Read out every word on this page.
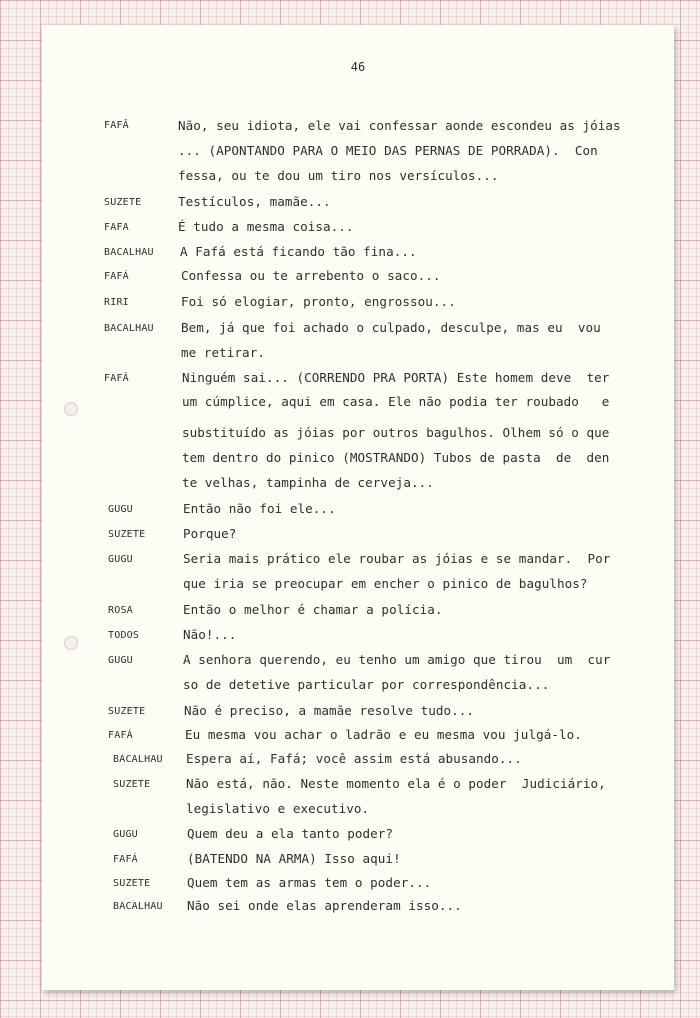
46
FAFÂ	Não, seu idiota, ele vai confessar aonde escondeu as jóias
... (APONTANDO PARA O MEIO DAS PERNAS DE PORRADA).  Con
fessa, ou te dou um tiro nos versículos...
SUZETE	Testículos, mamãe...
FAFA	É tudo a mesma coisa...
BACALHAU A Fafá está ficando tão fina...
FAFÁ	Confessa ou te arrebento o saco...
RIRI	Foi só elogiar, pronto, engrossou...
BACALHAU Bem, já que foi achado o culpado, desculpe, mas eu  vou
me retirar.
FAFÁ	Ninguém sai... (CORRENDO PRA PORTA) Este homem deve  ter
um cúmplice, aqui em casa. Ele não podia ter roubado   e
substituído as jóias por outros bagulhos. Olhem só o que
tem dentro do pinico (MOSTRANDO) Tubos de pasta  de  den
te velhas, tampinha de cerveja...
GUGU	Então não foi ele...
SUZETE	Porque?
GUGU	Seria mais prático ele roubar as jóias e se mandar.  Por
que iria se preocupar em encher o pinico de bagulhos?
ROSA	Então o melhor é chamar a polícia.
TODOS	Não!...
GUGU	A senhora querendo, eu tenho um amigo que tirou  um  cur
so de detetive particular por correspondência...
SUZETE	Não é preciso, a mamãe resolve tudo...
FAFÁ	Eu mesma vou achar o ladrão e eu mesma vou julgá-lo.
BACALHAU Espera aí, Fafá; você assim está abusando...
SUZETE	Não está, não. Neste momento ela é o poder  Judiciário,
legislativo e executivo.
GUGU	Quem deu a ela tanto poder?
FAFÁ	(BATENDO NA ARMA) Isso aqui!
SUZETE	Quem tem as armas tem o poder...
BACALHAU Não sei onde elas aprenderam isso...
